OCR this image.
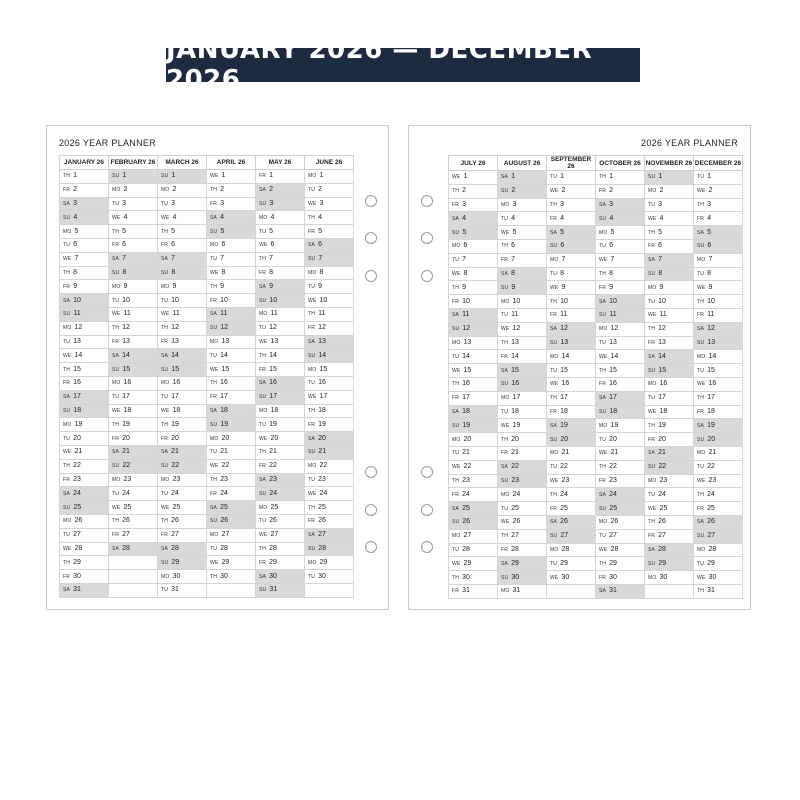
JANUARY 2026 — DECEMBER 2026
2026 YEAR PLANNER
JANUARY 26	FEBRUARY 26	MARCH 26	APRIL 26	MAY 26	JUNE 26
TH 1	SU 1	SU 1	WE 1	FR 1	MO 1
FR 2	MO 2	MO 2	TH 2	SA 2	TU 2
SA 3	TU 3	TU 3	FR 3	SU 3	WE 3
SU 4	WE 4	WE 4	SA 4	MO 4	TH 4
MO 5	TH 5	TH 5	SU 5	TU 5	FR 5
TU 6	FR 6	FR 6	MO 6	WE 6	SA 6
WE 7	SA 7	SA 7	TU 7	TH 7	SU 7
TH 8	SU 8	SU 8	WE 8	FR 8	MO 8
FR 9	MO 9	MO 9	TH 9	SA 9	TU 9
SA 10	TU 10	TU 10	FR 10	SU 10	WE 10
SU 11	WE 11	WE 11	SA 11	MO 11	TH 11
MO 12	TH 12	TH 12	SU 12	TU 12	FR 12
TU 13	FR 13	FR 13	MO 13	WE 13	SA 13
WE 14	SA 14	SA 14	TU 14	TH 14	SU 14
TH 15	SU 15	SU 15	WE 15	FR 15	MO 15
FR 16	MO 16	MO 16	TH 16	SA 16	TU 16
SA 17	TU 17	TU 17	FR 17	SU 17	WE 17
SU 18	WE 18	WE 18	SA 18	MO 18	TH 18
MO 19	TH 19	TH 19	SU 19	TU 19	FR 19
TU 20	FR 20	FR 20	MO 20	WE 20	SA 20
WE 21	SA 21	SA 21	TU 21	TH 21	SU 21
TH 22	SU 22	SU 22	WE 22	FR 22	MO 22
FR 23	MO 23	MO 23	TH 23	SA 23	TU 23
SA 24	TU 24	TU 24	FR 24	SU 24	WE 24
SU 25	WE 25	WE 25	SA 25	MO 25	TH 25
MO 26	TH 26	TH 26	SU 26	TU 26	FR 26
TU 27	FR 27	FR 27	MO 27	WE 27	SA 27
WE 28	SA 28	SA 28	TU 28	TH 28	SU 28
TH 29		SU 29	WE 29	FR 29	MO 29
FR 30		MO 30	TH 30	SA 30	TU 30
SA 31		TU 31		SU 31	
2026 YEAR PLANNER
JULY 26	AUGUST 26	SEPTEMBER 26	OCTOBER 26	NOVEMBER 26	DECEMBER 26
WE 1	SA 1	TU 1	TH 1	SU 1	TU 1
TH 2	SU 2	WE 2	FR 2	MO 2	WE 2
FR 3	MO 3	TH 3	SA 3	TU 3	TH 3
SA 4	TU 4	FR 4	SU 4	WE 4	FR 4
SU 5	WE 5	SA 5	MO 5	TH 5	SA 5
MO 6	TH 6	SU 6	TU 6	FR 6	SU 6
TU 7	FR 7	MO 7	WE 7	SA 7	MO 7
WE 8	SA 8	TU 8	TH 8	SU 8	TU 8
TH 9	SU 9	WE 9	FR 9	MO 9	WE 9
FR 10	MO 10	TH 10	SA 10	TU 10	TH 10
SA 11	TU 11	FR 11	SU 11	WE 11	FR 11
SU 12	WE 12	SA 12	MO 12	TH 12	SA 12
MO 13	TH 13	SU 13	TU 13	FR 13	SU 13
TU 14	FR 14	MO 14	WE 14	SA 14	MO 14
WE 15	SA 15	TU 15	TH 15	SU 15	TU 15
TH 16	SU 16	WE 16	FR 16	MO 16	WE 16
FR 17	MO 17	TH 17	SA 17	TU 17	TH 17
SA 18	TU 18	FR 18	SU 18	WE 18	FR 18
SU 19	WE 19	SA 19	MO 19	TH 19	SA 19
MO 20	TH 20	SU 20	TU 20	FR 20	SU 20
TU 21	FR 21	MO 21	WE 21	SA 21	MO 21
WE 22	SA 22	TU 22	TH 22	SU 22	TU 22
TH 23	SU 23	WE 23	FR 23	MO 23	WE 23
FR 24	MO 24	TH 24	SA 24	TU 24	TH 24
SA 25	TU 25	FR 25	SU 25	WE 25	FR 25
SU 26	WE 26	SA 26	MO 26	TH 26	SA 26
MO 27	TH 27	SU 27	TU 27	FR 27	SU 27
TU 28	FR 28	MO 28	WE 28	SA 28	MO 28
WE 29	SA 29	TU 29	TH 29	SU 29	TU 29
TH 30	SU 30	WE 30	FR 30	MO 30	WE 30
FR 31	MO 31		SA 31		TH 31
